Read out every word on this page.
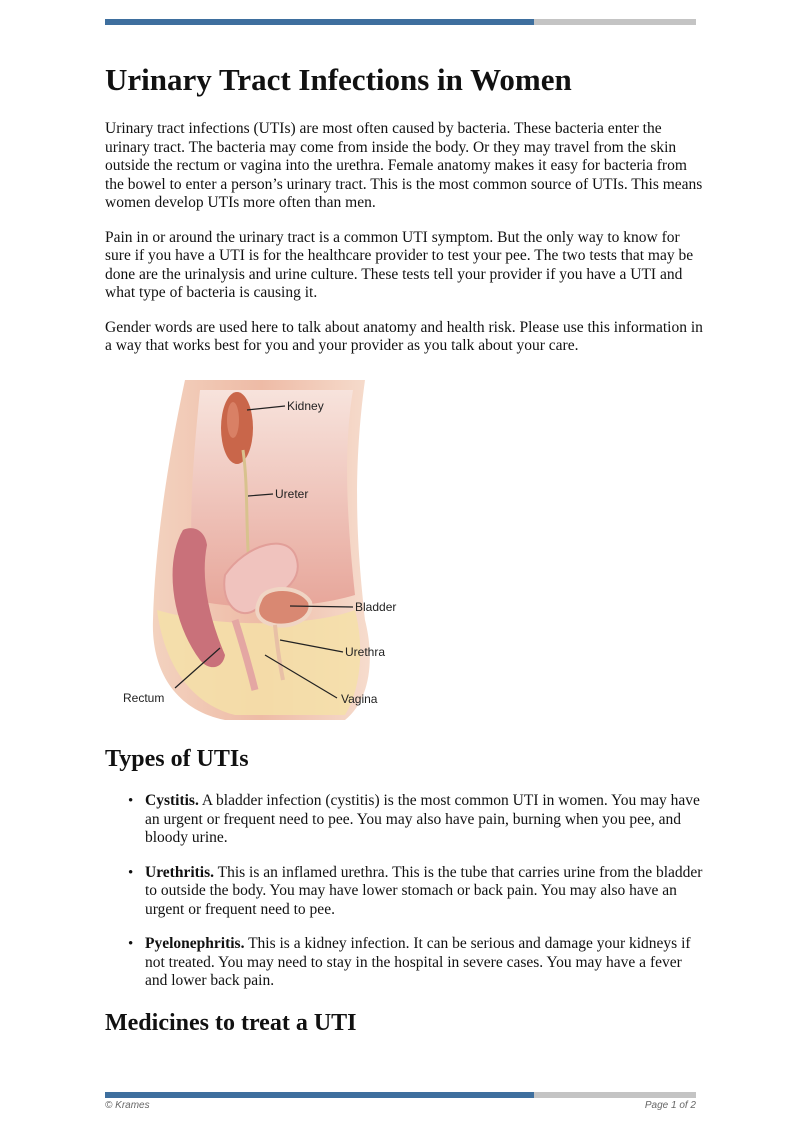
Urinary Tract Infections in Women

Urinary tract infections (UTIs) are most often caused by bacteria. These bacteria enter the urinary tract. The bacteria may come from inside the body. Or they may travel from the skin outside the rectum or vagina into the urethra. Female anatomy makes it easy for bacteria from the bowel to enter a person’s urinary tract. This is the most common source of UTIs. This means women develop UTIs more often than men.

Pain in or around the urinary tract is a common UTI symptom. But the only way to know for sure if you have a UTI is for the healthcare provider to test your pee. The two tests that may be done are the urinalysis and urine culture. These tests tell your provider if you have a UTI and what type of bacteria is causing it.

Gender words are used here to talk about anatomy and health risk. Please use this information in a way that works best for you and your provider as you talk about your care.

Kidney
Ureter
Bladder
Urethra
Rectum	Vagina
Types of UTIs
• Cystitis. A bladder infection (cystitis) is the most common UTI in women. You may have an urgent or frequent need to pee. You may also have pain, burning when you pee, and bloody urine.
• Urethritis. This is an inflamed urethra. This is the tube that carries urine from the bladder to outside the body. You may have lower stomach or back pain. You may also have an urgent or frequent need to pee.
• Pyelonephritis. This is a kidney infection. It can be serious and damage your kidneys if not treated. You may need to stay in the hospital in severe cases. You may have a fever and lower back pain.
Medicines to treat a UTI
© Krames	Page 1 of 2
